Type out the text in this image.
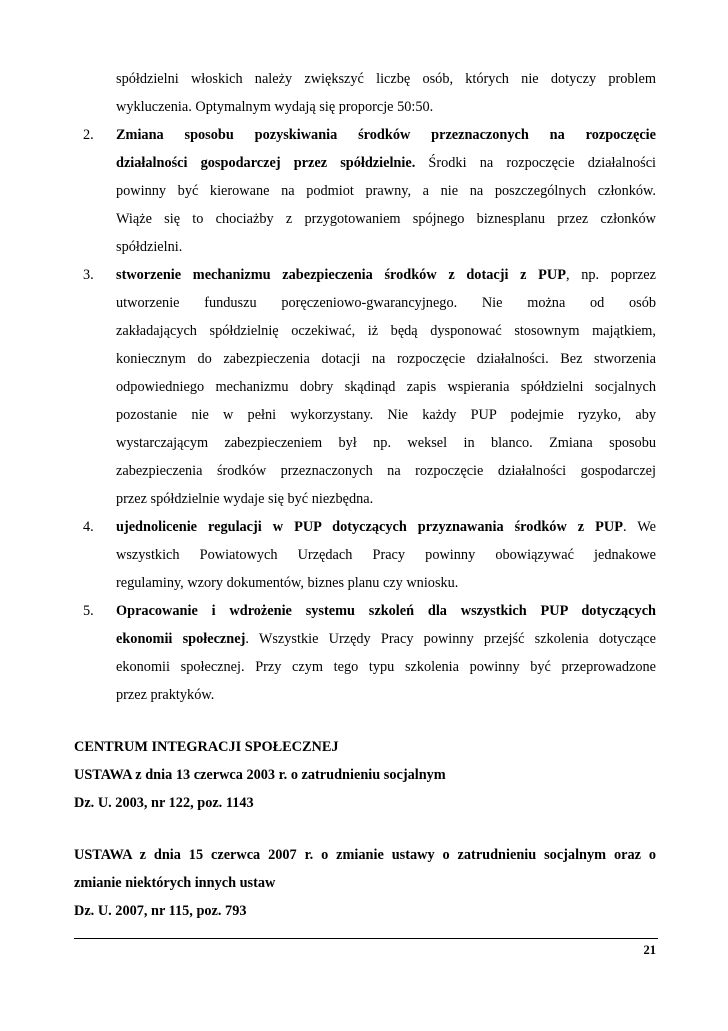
spółdzielni włoskich należy zwiększyć liczbę osób, których nie dotyczy problem
wykluczenia. Optymalnym wydają się proporcje 50:50.
2.	Zmiana sposobu pozyskiwania środków przeznaczonych na rozpoczęcie
działalności gospodarczej przez spółdzielnie. Środki na rozpoczęcie działalności
powinny być kierowane na podmiot prawny, a nie na poszczególnych członków.
Wiąże się to chociażby z przygotowaniem spójnego biznesplanu przez członków
spółdzielni.
3.	stworzenie mechanizmu zabezpieczenia środków z dotacji z PUP, np. poprzez
utworzenie funduszu poręczeniowo-gwarancyjnego. Nie można od osób
zakładających spółdzielnię oczekiwać, iż będą dysponować stosownym majątkiem,
koniecznym do zabezpieczenia dotacji na rozpoczęcie działalności. Bez stworzenia
odpowiedniego mechanizmu dobry skądinąd zapis wspierania spółdzielni socjalnych
pozostanie nie w pełni wykorzystany. Nie każdy PUP podejmie ryzyko, aby
wystarczającym zabezpieczeniem był np. weksel in blanco. Zmiana sposobu
zabezpieczenia środków przeznaczonych na rozpoczęcie działalności gospodarczej
przez spółdzielnie wydaje się być niezbędna.
4.	ujednolicenie regulacji w PUP dotyczących przyznawania środków z PUP. We
wszystkich Powiatowych Urzędach Pracy powinny obowiązywać jednakowe
regulaminy, wzory dokumentów, biznes planu czy wniosku.
5.	Opracowanie i wdrożenie systemu szkoleń dla wszystkich PUP dotyczących
ekonomii społecznej. Wszystkie Urzędy Pracy powinny przejść szkolenia dotyczące
ekonomii społecznej. Przy czym tego typu szkolenia powinny być przeprowadzone
przez praktyków.
CENTRUM INTEGRACJI SPOŁECZNEJ
USTAWA z dnia 13 czerwca 2003 r. o zatrudnieniu socjalnym
Dz. U. 2003, nr 122, poz. 1143
USTAWA z dnia 15 czerwca 2007 r. o zmianie ustawy o zatrudnieniu socjalnym oraz o
zmianie niektórych innych ustaw
Dz. U. 2007, nr 115, poz. 793
21
